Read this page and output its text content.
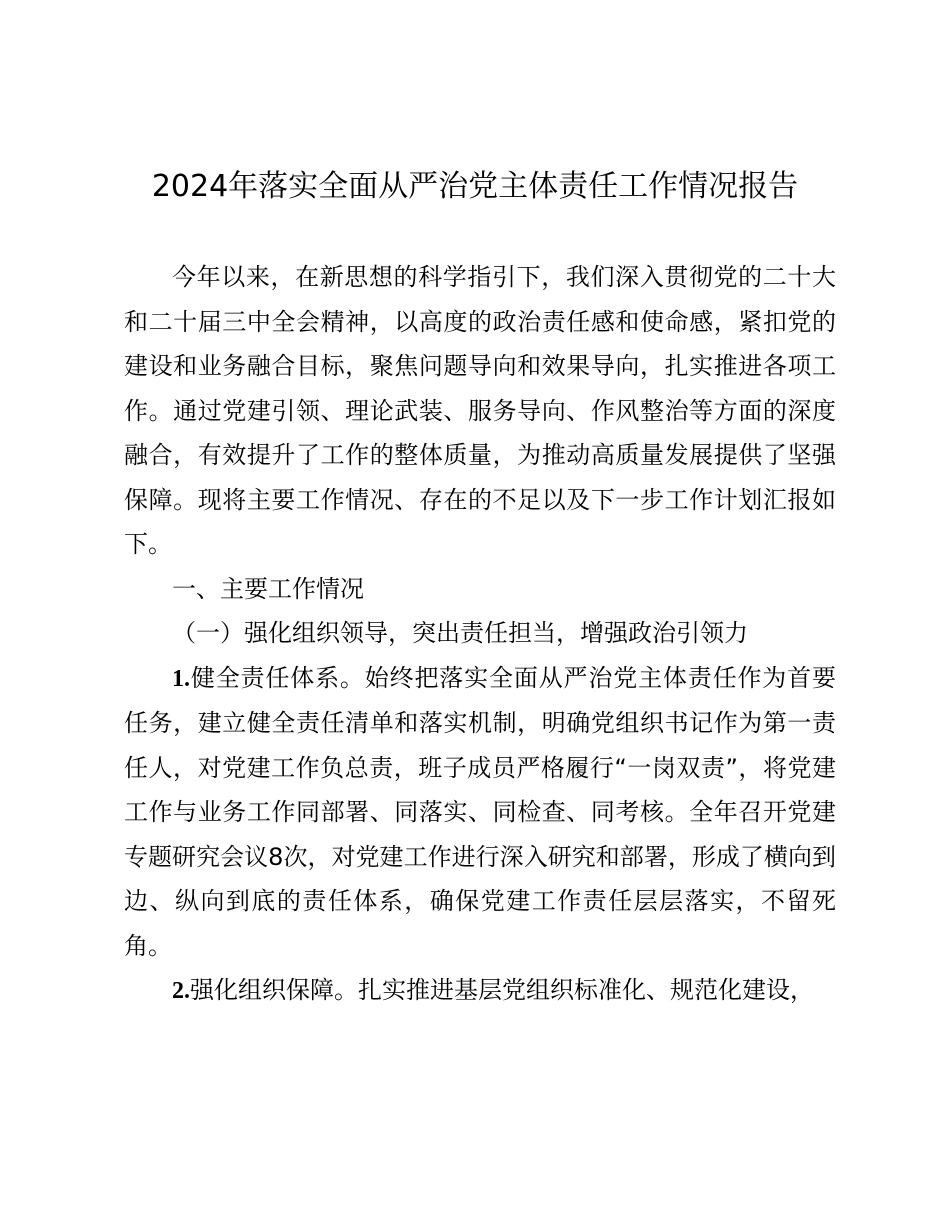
2024年落实全面从严治党主体责任工作情况报告

今年以来，在新思想的科学指引下，我们深入贯彻党的二十大和二十届三中全会精神，以高度的政治责任感和使命感，紧扣党的建设和业务融合目标，聚焦问题导向和效果导向，扎实推进各项工作。通过党建引领、理论武装、服务导向、作风整治等方面的深度融合，有效提升了工作的整体质量，为推动高质量发展提供了坚强保障。现将主要工作情况、存在的不足以及下一步工作计划汇报如下。

一、主要工作情况

（一）强化组织领导，突出责任担当，增强政治引领力

1.健全责任体系。始终把落实全面从严治党主体责任作为首要任务，建立健全责任清单和落实机制，明确党组织书记作为第一责任人，对党建工作负总责，班子成员严格履行“一岗双责”，将党建工作与业务工作同部署、同落实、同检查、同考核。全年召开党建专题研究会议8次，对党建工作进行深入研究和部署，形成了横向到边、纵向到底的责任体系，确保党建工作责任层层落实，不留死角。

2.强化组织保障。扎实推进基层党组织标准化、规范化建设，
